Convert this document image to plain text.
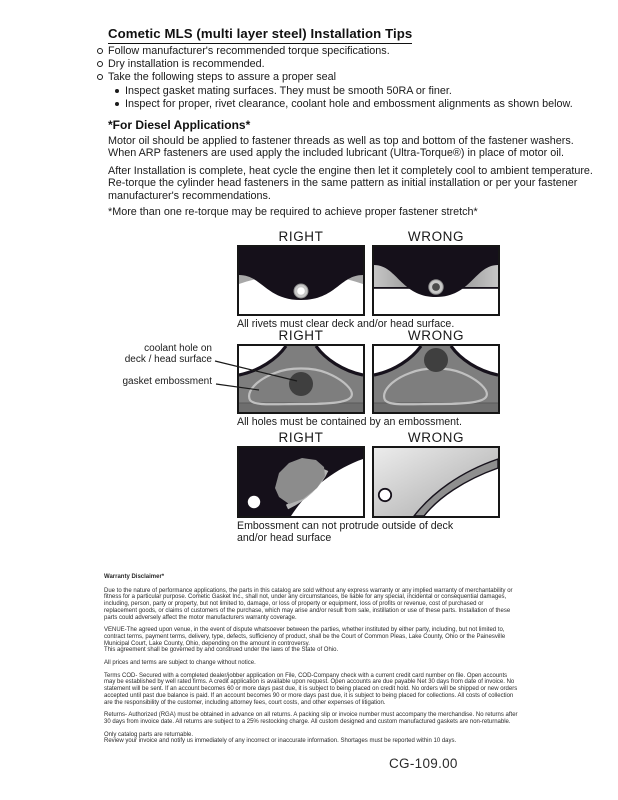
Cometic MLS (multi layer steel) Installation Tips
Follow manufacturer's recommended torque specifications.
Dry installation is recommended.
Take the following steps to assure a proper seal
Inspect gasket mating surfaces. They must be smooth 50RA or finer.
Inspect for proper, rivet clearance, coolant hole and embossment alignments as shown below.
*For Diesel Applications*
Motor oil should be applied to fastener threads as well as top and bottom of the fastener washers. When ARP fasteners are used apply the included lubricant (Ultra-Torque®) in place of motor oil.
After Installation is complete, heat cycle the engine then let it completely cool to ambient temperature. Re-torque the cylinder head fasteners in the same pattern as initial installation or per your fastener manufacturer's recommendations.
*More than one re-torque may be required to achieve proper fastener stretch*
RIGHT	WRONG
All rivets must clear deck and/or head surface.
RIGHT	WRONG
All holes must be contained by an embossment.
coolant hole on
deck / head surface
gasket embossment
RIGHT	WRONG
Embossment can not protrude outside of deck
and/or head surface

Warranty Disclaimer*

Due to the nature of performance applications, the parts in this catalog are sold without any express warranty or any implied warranty of merchantability or fitness for a particular purpose. Cometic Gasket Inc., shall not, under any circumstances, be liable for any special, incidental or consequential damages, including, person, party or property, but not limited to, damage, or loss of property or equipment, loss of profits or revenue, cost of purchased or replacement goods, or claims of customers of the purchase, which may arise and/or result from sale, instillation or use of these parts. Installation of these parts could adversely affect the motor manufacturers warranty coverage.

VENUE-The agreed upon venue, in the event of dispute whatsoever between the parties, whether instituted by either party, including, but not limited to, contract terms, payment terms, delivery, type, defects, sufficiency of product, shall be the Court of Common Pleas, Lake County, Ohio or the Painesville Municipal Court, Lake County, Ohio, depending on the amount in controversy.

This agreement shall be governed by and construed under the laws of the State of Ohio.

All prices and terms are subject to change without notice.

Terms COD- Secured with a completed dealer/jobber application on File, COD-Company check with a current credit card number on file. Open accounts may be established by well rated firms. A credit application is available upon request. Open accounts are due payable Net 30 days from date of invoice. No statement will be sent. If an account becomes 60 or more days past due, it is subject to being placed on credit hold. No orders will be shipped or new orders accepted until past due balance is paid. If an account becomes 90 or more days past due, it is subject to being placed for collections. All costs of collection are the responsibility of the customer, including attorney fees, court costs, and other expenses of litigation.

Returns- Authorized (RGA) must be obtained in advance on all returns. A packing slip or invoice number must accompany the merchandise. No returns after 30 days from invoice date. All returns are subject to a 25% restocking charge. All custom designed and custom manufactured gaskets are non-returnable.

Only catalog parts are returnable.

Review your invoice and notify us immediately of any incorrect or inaccurate information. Shortages must be reported within 10 days.

CG-109.00
